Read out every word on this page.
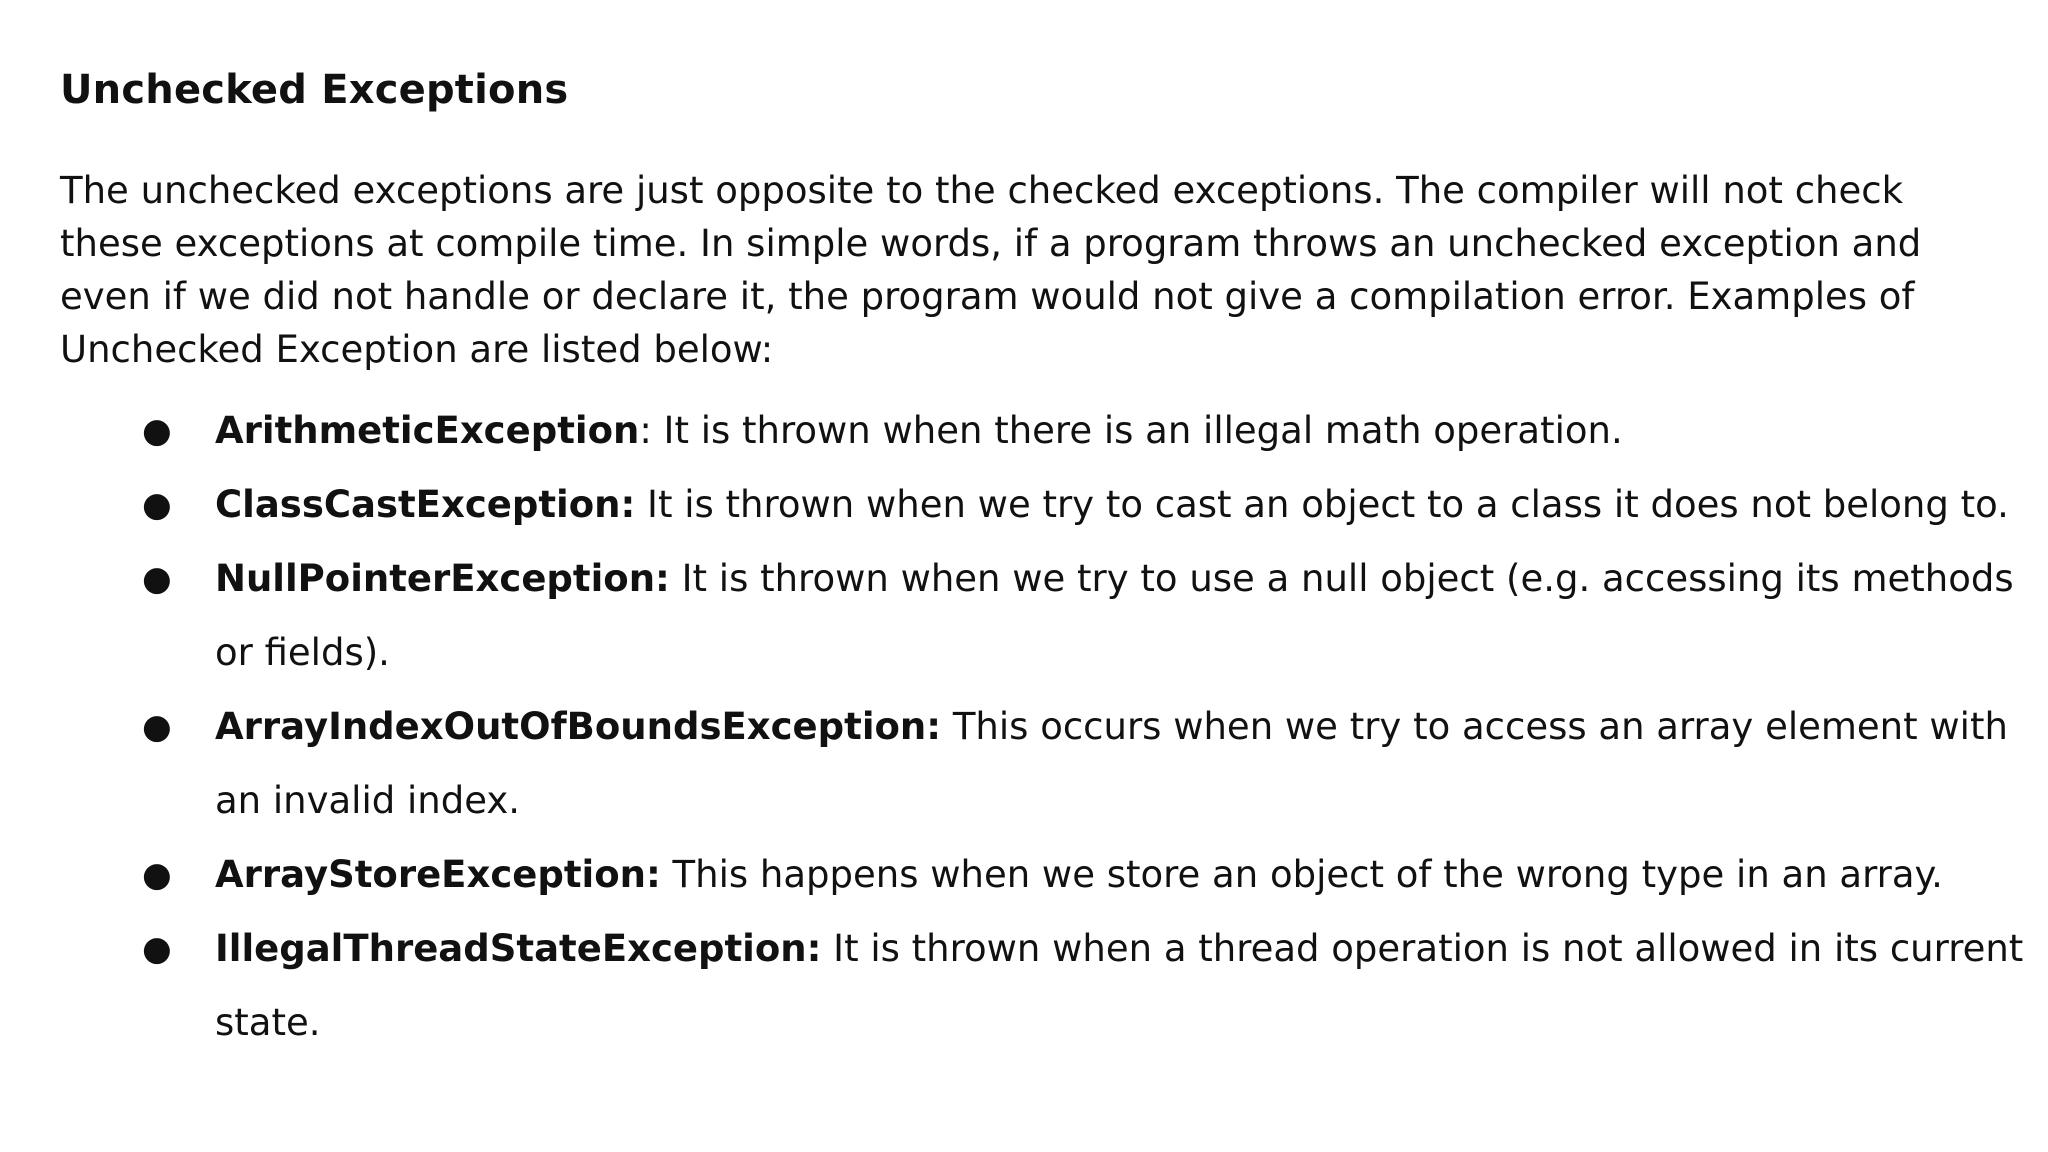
Unchecked Exceptions

The unchecked exceptions are just opposite to the checked exceptions. The compiler will not check these exceptions at compile time. In simple words, if a program throws an unchecked exception and even if we did not handle or declare it, the program would not give a compilation error. Examples of Unchecked Exception are listed below:

● ArithmeticException: It is thrown when there is an illegal math operation.
● ClassCastException: It is thrown when we try to cast an object to a class it does not belong to.
● NullPointerException: It is thrown when we try to use a null object (e.g. accessing its methods or fields).
● ArrayIndexOutOfBoundsException: This occurs when we try to access an array element with an invalid index.
● ArrayStoreException: This happens when we store an object of the wrong type in an array.
● IllegalThreadStateException: It is thrown when a thread operation is not allowed in its current state.
